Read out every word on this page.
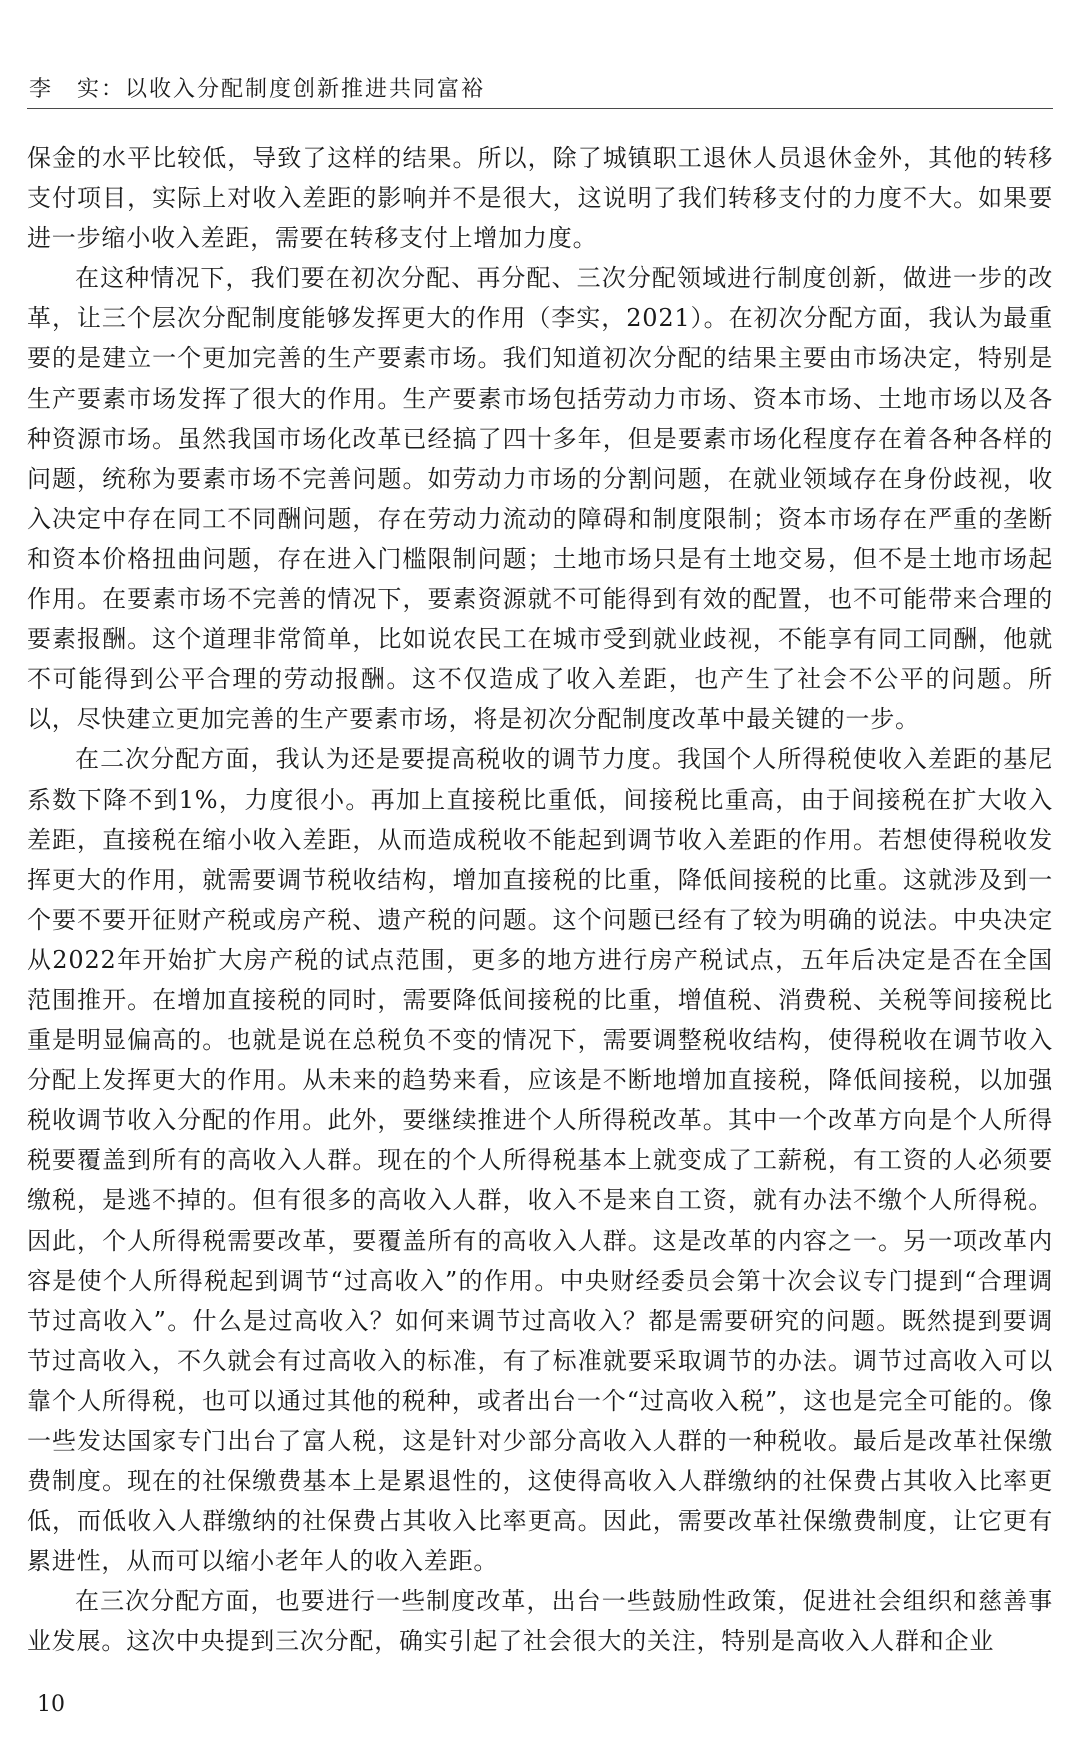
李　实：以收入分配制度创新推进共同富裕

保金的水平比较低，导致了这样的结果。所以，除了城镇职工退休人员退休金外，其他的转移支付项目，实际上对收入差距的影响并不是很大，这说明了我们转移支付的力度不大。如果要进一步缩小收入差距，需要在转移支付上增加力度。

在这种情况下，我们要在初次分配、再分配、三次分配领域进行制度创新，做进一步的改革，让三个层次分配制度能够发挥更大的作用（李实，2021）。在初次分配方面，我认为最重要的是建立一个更加完善的生产要素市场。我们知道初次分配的结果主要由市场决定，特别是生产要素市场发挥了很大的作用。生产要素市场包括劳动力市场、资本市场、土地市场以及各种资源市场。虽然我国市场化改革已经搞了四十多年，但是要素市场化程度存在着各种各样的问题，统称为要素市场不完善问题。如劳动力市场的分割问题，在就业领域存在身份歧视，收入决定中存在同工不同酬问题，存在劳动力流动的障碍和制度限制；资本市场存在严重的垄断和资本价格扭曲问题，存在进入门槛限制问题；土地市场只是有土地交易，但不是土地市场起作用。在要素市场不完善的情况下，要素资源就不可能得到有效的配置，也不可能带来合理的要素报酬。这个道理非常简单，比如说农民工在城市受到就业歧视，不能享有同工同酬，他就不可能得到公平合理的劳动报酬。这不仅造成了收入差距，也产生了社会不公平的问题。所以，尽快建立更加完善的生产要素市场，将是初次分配制度改革中最关键的一步。

在二次分配方面，我认为还是要提高税收的调节力度。我国个人所得税使收入差距的基尼系数下降不到1%，力度很小。再加上直接税比重低，间接税比重高，由于间接税在扩大收入差距，直接税在缩小收入差距，从而造成税收不能起到调节收入差距的作用。若想使得税收发挥更大的作用，就需要调节税收结构，增加直接税的比重，降低间接税的比重。这就涉及到一个要不要开征财产税或房产税、遗产税的问题。这个问题已经有了较为明确的说法。中央决定从2022年开始扩大房产税的试点范围，更多的地方进行房产税试点，五年后决定是否在全国范围推开。在增加直接税的同时，需要降低间接税的比重，增值税、消费税、关税等间接税比重是明显偏高的。也就是说在总税负不变的情况下，需要调整税收结构，使得税收在调节收入分配上发挥更大的作用。从未来的趋势来看，应该是不断地增加直接税，降低间接税，以加强税收调节收入分配的作用。此外，要继续推进个人所得税改革。其中一个改革方向是个人所得税要覆盖到所有的高收入人群。现在的个人所得税基本上就变成了工薪税，有工资的人必须要缴税，是逃不掉的。但有很多的高收入人群，收入不是来自工资，就有办法不缴个人所得税。因此，个人所得税需要改革，要覆盖所有的高收入人群。这是改革的内容之一。另一项改革内容是使个人所得税起到调节“过高收入”的作用。中央财经委员会第十次会议专门提到“合理调节过高收入”。什么是过高收入？如何来调节过高收入？都是需要研究的问题。既然提到要调节过高收入，不久就会有过高收入的标准，有了标准就要采取调节的办法。调节过高收入可以靠个人所得税，也可以通过其他的税种，或者出台一个“过高收入税”，这也是完全可能的。像一些发达国家专门出台了富人税，这是针对少部分高收入人群的一种税收。最后是改革社保缴费制度。现在的社保缴费基本上是累退性的，这使得高收入人群缴纳的社保费占其收入比率更低，而低收入人群缴纳的社保费占其收入比率更高。因此，需要改革社保缴费制度，让它更有累进性，从而可以缩小老年人的收入差距。

在三次分配方面，也要进行一些制度改革，出台一些鼓励性政策，促进社会组织和慈善事业发展。这次中央提到三次分配，确实引起了社会很大的关注，特别是高收入人群和企业

10
